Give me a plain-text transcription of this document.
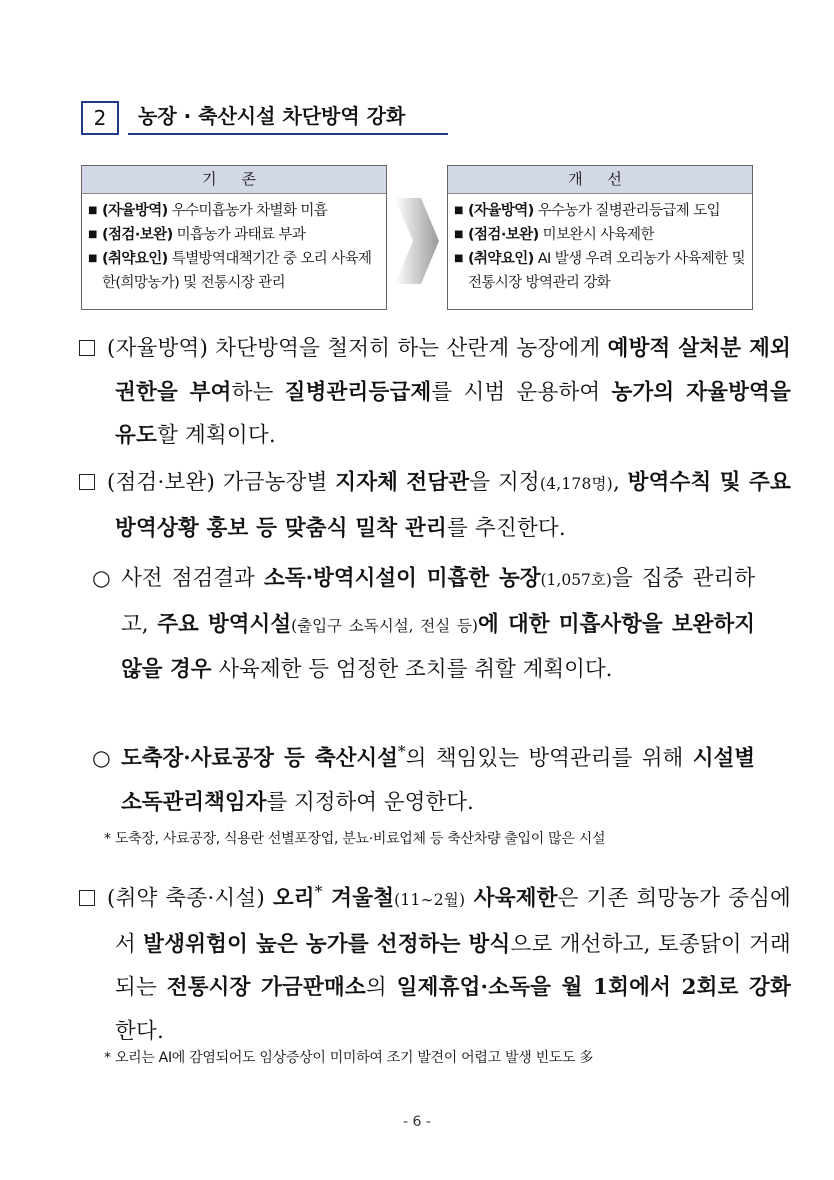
2	농장 · 축산시설 차단방역 강화
기 존
■ (자율방역) 우수미흡농가 차별화 미흡
■ (점검·보완) 미흡농가 과태료 부과
■ (취약요인) 특별방역대책기간 중 오리 사육제한(희망농가) 및 전통시장 관리
개 선
■ (자율방역) 우수농가 질병관리등급제 도입
■ (점검·보완) 미보완시 사육제한
■ (취약요인) AI 발생 우려 오리농가 사육제한 및 전통시장 방역관리 강화
(자율방역) 차단방역을 철저히 하는 산란계 농장에게 예방적 살처분 제외 권한을 부여하는 질병관리등급제를 시범 운용하여 농가의 자율방역을 유도할 계획이다.
(점검·보완) 가금농장별 지자체 전담관을 지정(4,178명), 방역수칙 및 주요 방역상황 홍보 등 맞춤식 밀착 관리를 추진한다.
○ 사전 점검결과 소독·방역시설이 미흡한 농장(1,057호)을 집중 관리하고, 주요 방역시설(출입구 소독시설, 전실 등)에 대한 미흡사항을 보완하지 않을 경우 사육제한 등 엄정한 조치를 취할 계획이다.
○ 도축장·사료공장 등 축산시설*의 책임있는 방역관리를 위해 시설별 소독관리책임자를 지정하여 운영한다.
* 도축장, 사료공장, 식용란 선별포장업, 분뇨·비료업체 등 축산차량 출입이 많은 시설
(취약 축종·시설) 오리* 겨울철(11∼2월) 사육제한은 기존 희망농가 중심에서 발생위험이 높은 농가를 선정하는 방식으로 개선하고, 토종닭이 거래되는 전통시장 가금판매소의 일제휴업·소독을 월 1회에서 2회로 강화한다.
* 오리는 AI에 감염되어도 임상증상이 미미하여 조기 발견이 어렵고 발생 빈도도 多
- 6 -
